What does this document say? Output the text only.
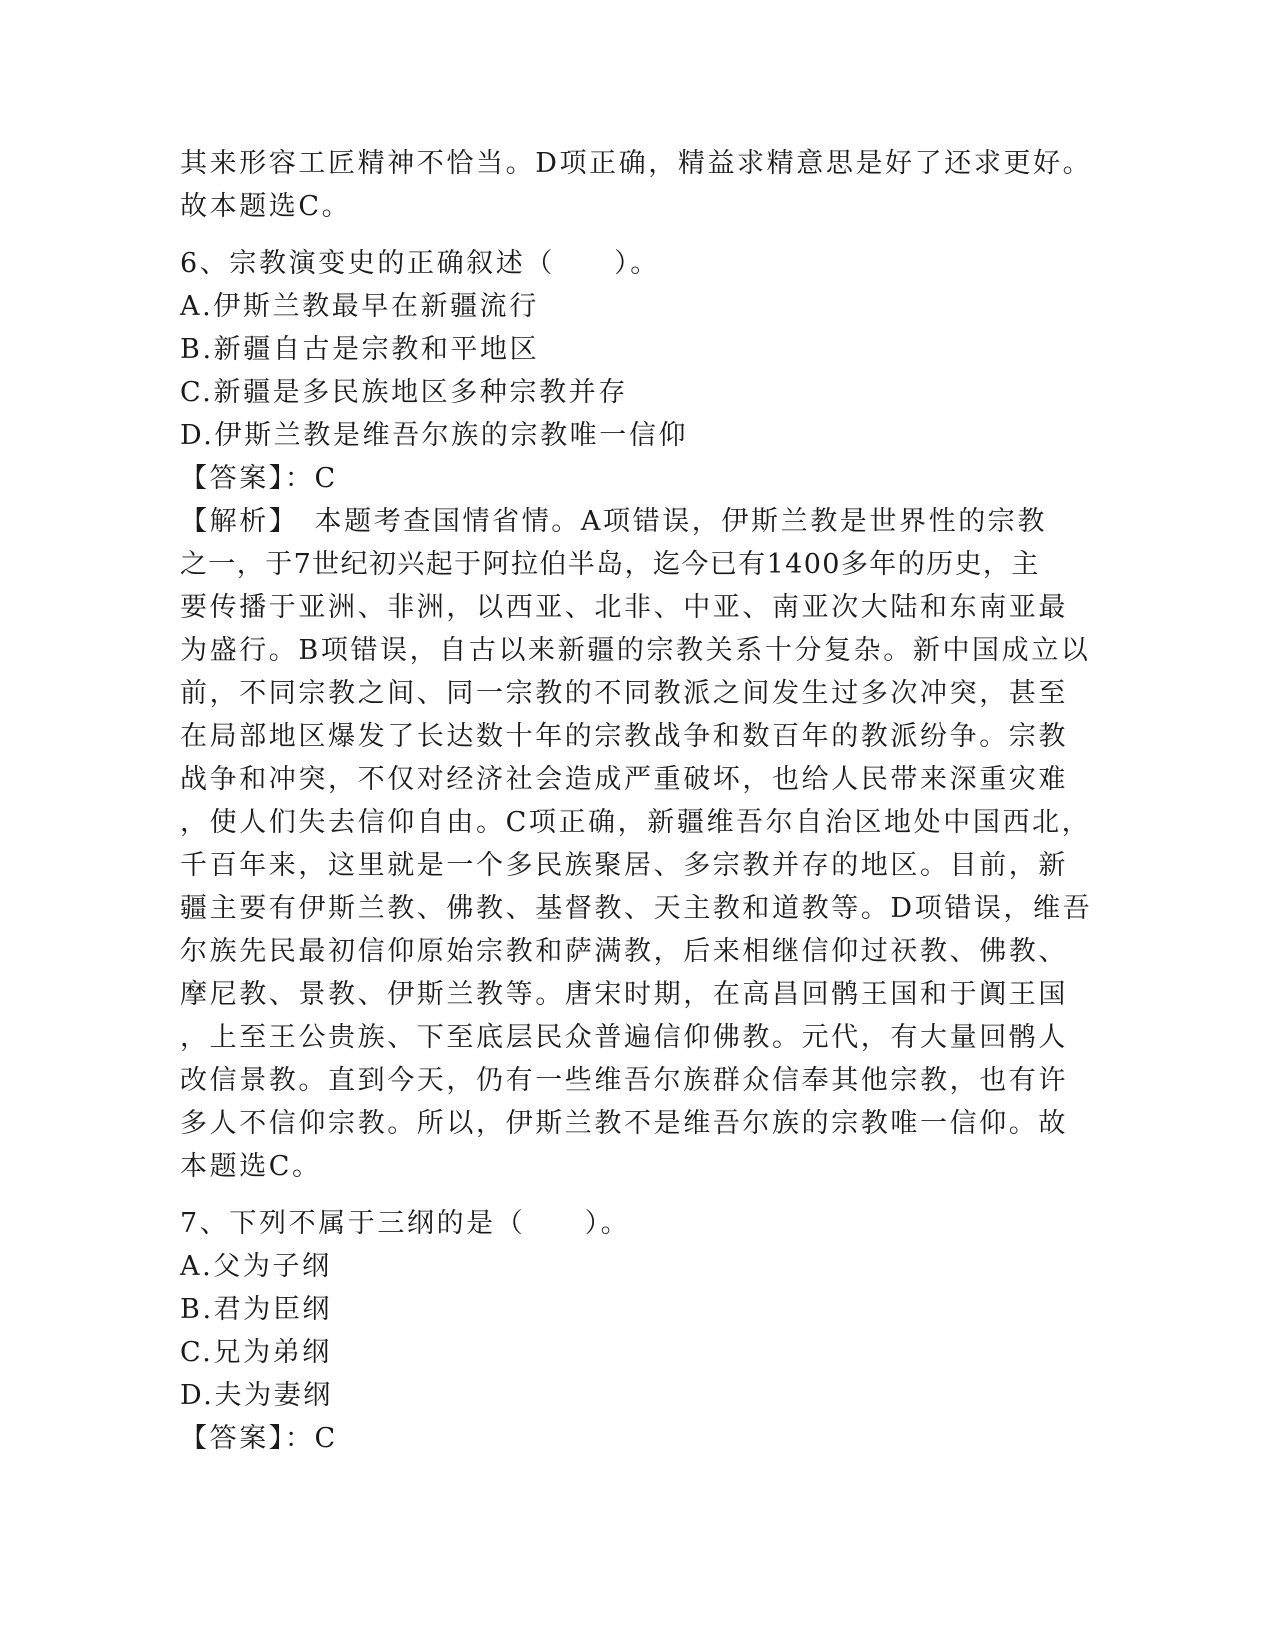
其来形容工匠精神不恰当。D项正确，精益求精意思是好了还求更好。
故本题选C。
6、宗教演变史的正确叙述（　　）。
A.伊斯兰教最早在新疆流行
B.新疆自古是宗教和平地区
C.新疆是多民族地区多种宗教并存
D.伊斯兰教是维吾尔族的宗教唯一信仰
【答案】：C
【解析】　本题考查国情省情。A项错误，伊斯兰教是世界性的宗教
之一，于7世纪初兴起于阿拉伯半岛，迄今已有1400多年的历史，主
要传播于亚洲、非洲，以西亚、北非、中亚、南亚次大陆和东南亚最
为盛行。B项错误，自古以来新疆的宗教关系十分复杂。新中国成立以
前，不同宗教之间、同一宗教的不同教派之间发生过多次冲突，甚至
在局部地区爆发了长达数十年的宗教战争和数百年的教派纷争。宗教
战争和冲突，不仅对经济社会造成严重破坏，也给人民带来深重灾难
，使人们失去信仰自由。C项正确，新疆维吾尔自治区地处中国西北，
千百年来，这里就是一个多民族聚居、多宗教并存的地区。目前，新
疆主要有伊斯兰教、佛教、基督教、天主教和道教等。D项错误，维吾
尔族先民最初信仰原始宗教和萨满教，后来相继信仰过祆教、佛教、
摩尼教、景教、伊斯兰教等。唐宋时期，在高昌回鹘王国和于阗王国
，上至王公贵族、下至底层民众普遍信仰佛教。元代，有大量回鹘人
改信景教。直到今天，仍有一些维吾尔族群众信奉其他宗教，也有许
多人不信仰宗教。所以，伊斯兰教不是维吾尔族的宗教唯一信仰。故
本题选C。
7、下列不属于三纲的是（　　）。
A.父为子纲
B.君为臣纲
C.兄为弟纲
D.夫为妻纲
【答案】：C
